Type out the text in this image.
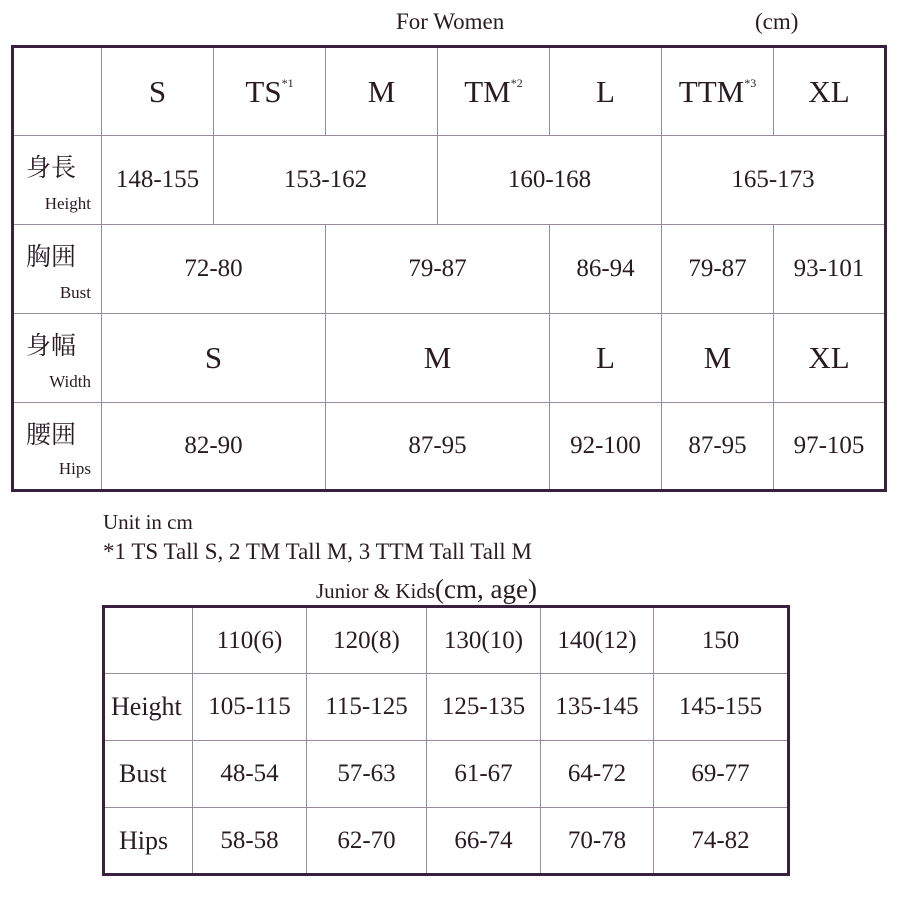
For Women	(cm)
	S	TS$^{*1}$	M	TM$^{*2}$	L	TTM$^{*3}$	XL

身長
Height	148-155	153-162		160-168		165-173	

胸囲
Bust	72-80		79-87		86-94	79-87	93-101

身幅
Width	S		M		L	M	XL

腰囲
Hips	82-90		87-95		92-100	87-95	97-105
Unit in cm
*1 TS Tall S, 2 TM Tall M, 3 TTM Tall Tall M
Junior & Kids(cm, age)
	110(6)	120(8)	130(10)	140(12)	150
Height	105-115	115-125	125-135	135-145	145-155
Bust	48-54	57-63	61-67	64-72	69-77
Hips	58-58	62-70	66-74	70-78	74-82
